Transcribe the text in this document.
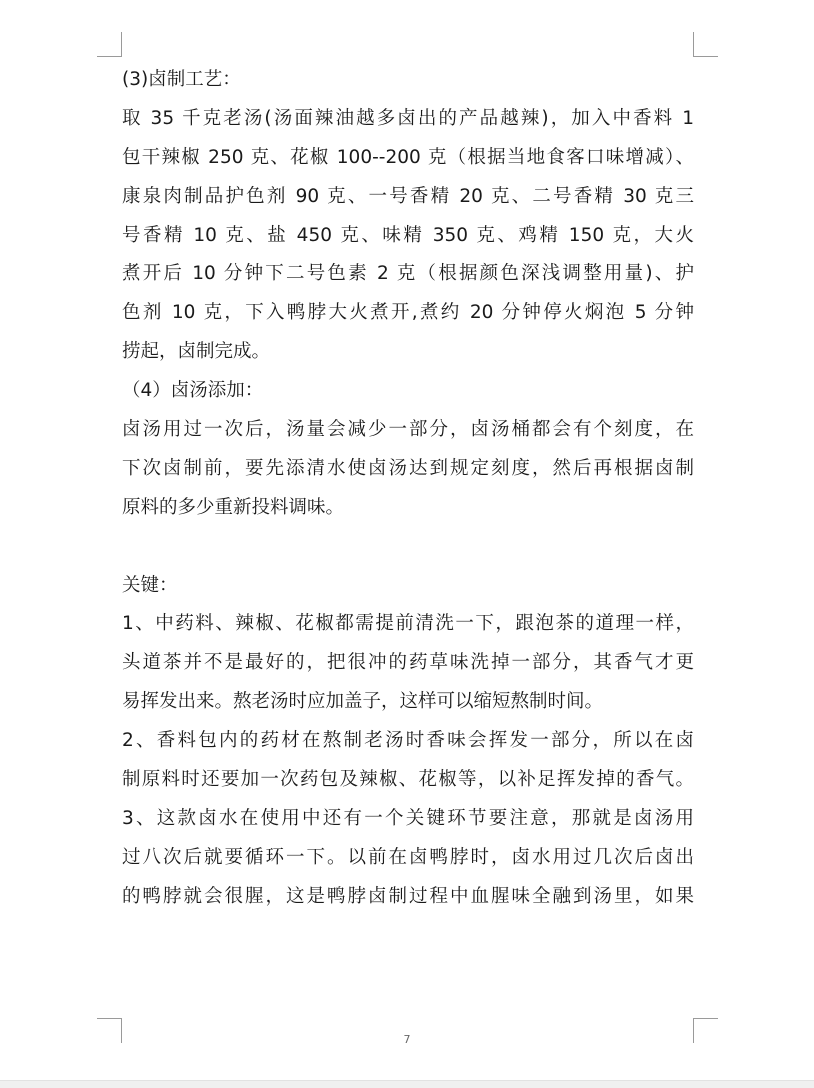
(3)卤制工艺：
取 35 千克老汤(汤面辣油越多卤出的产品越辣)，加入中香料 1
包干辣椒 250 克、花椒 100--200 克（根据当地食客口味增减）、
康泉肉制品护色剂 90 克、一号香精 20 克、二号香精 30 克三
号香精 10 克、盐 450 克、味精 350 克、鸡精 150 克，大火
煮开后 10 分钟下二号色素 2 克（根据颜色深浅调整用量)、护
色剂 10 克，下入鸭脖大火煮开,煮约 20 分钟停火焖泡 5 分钟
捞起，卤制完成。
（4）卤汤添加：
卤汤用过一次后，汤量会减少一部分，卤汤桶都会有个刻度，在
下次卤制前，要先添清水使卤汤达到规定刻度，然后再根据卤制
原料的多少重新投料调味。
关键：
1、中药料、辣椒、花椒都需提前清洗一下，跟泡茶的道理一样，
头道茶并不是最好的，把很冲的药草味洗掉一部分，其香气才更
易挥发出来。熬老汤时应加盖子，这样可以缩短熬制时间。
2、香料包内的药材在熬制老汤时香味会挥发一部分，所以在卤
制原料时还要加一次药包及辣椒、花椒等，以补足挥发掉的香气。
3、这款卤水在使用中还有一个关键环节要注意，那就是卤汤用
过八次后就要循环一下。以前在卤鸭脖时，卤水用过几次后卤出
的鸭脖就会很腥，这是鸭脖卤制过程中血腥味全融到汤里，如果
7
